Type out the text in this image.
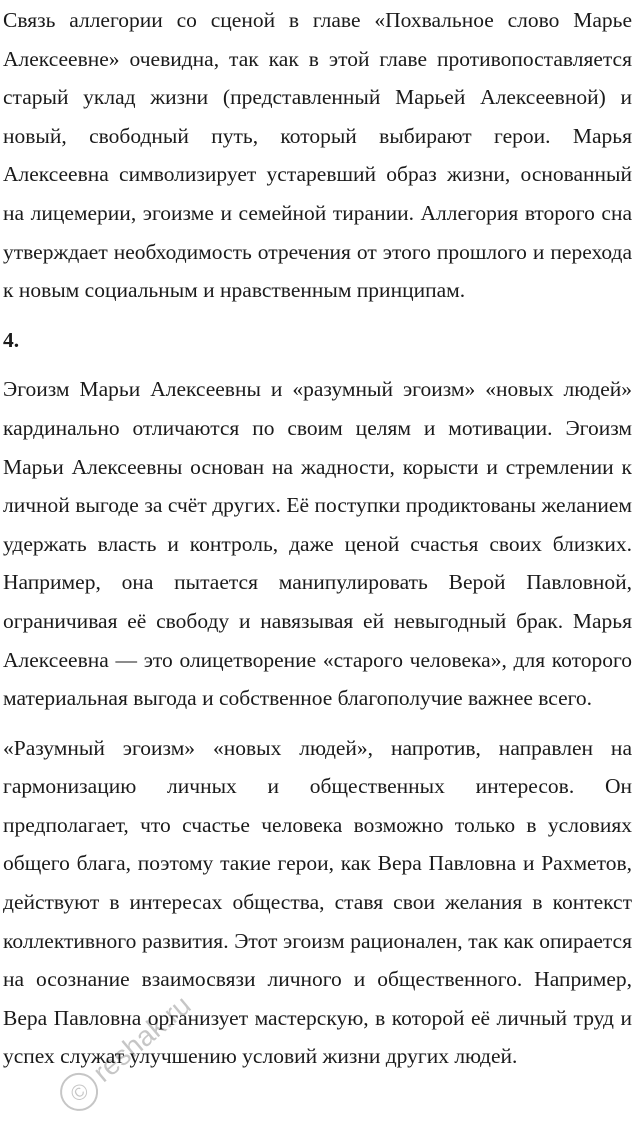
Связь аллегории со сценой в главе «Похвальное слово Марье Алексеевне» очевидна, так как в этой главе противопоставляется старый уклад жизни (представленный Марьей Алексеевной) и новый, свободный путь, который выбирают герои. Марья Алексеевна символизирует устаревший образ жизни, основанный на лицемерии, эгоизме и семейной тирании. Аллегория второго сна утверждает необходимость отречения от этого прошлого и перехода к новым социальным и нравственным принципам.

4.

Эгоизм Марьи Алексеевны и «разумный эгоизм» «новых людей» кардинально отличаются по своим целям и мотивации. Эгоизм Марьи Алексеевны основан на жадности, корысти и стремлении к личной выгоде за счёт других. Её поступки продиктованы желанием удержать власть и контроль, даже ценой счастья своих близких. Например, она пытается манипулировать Верой Павловной, ограничивая её свободу и навязывая ей невыгодный брак. Марья Алексеевна — это олицетворение «старого человека», для которого материальная выгода и собственное благополучие важнее всего.

«Разумный эгоизм» «новых людей», напротив, направлен на гармонизацию личных и общественных интересов. Он предполагает, что счастье человека возможно только в условиях общего блага, поэтому такие герои, как Вера Павловна и Рахметов, действуют в интересах общества, ставя свои желания в контекст коллективного развития. Этот эгоизм рационален, так как опирается на осознание взаимосвязи личного и общественного. Например, Вера Павловна организует мастерскую, в которой её личный труд и успех служат улучшению условий жизни других людей.

©
reshak.ru
